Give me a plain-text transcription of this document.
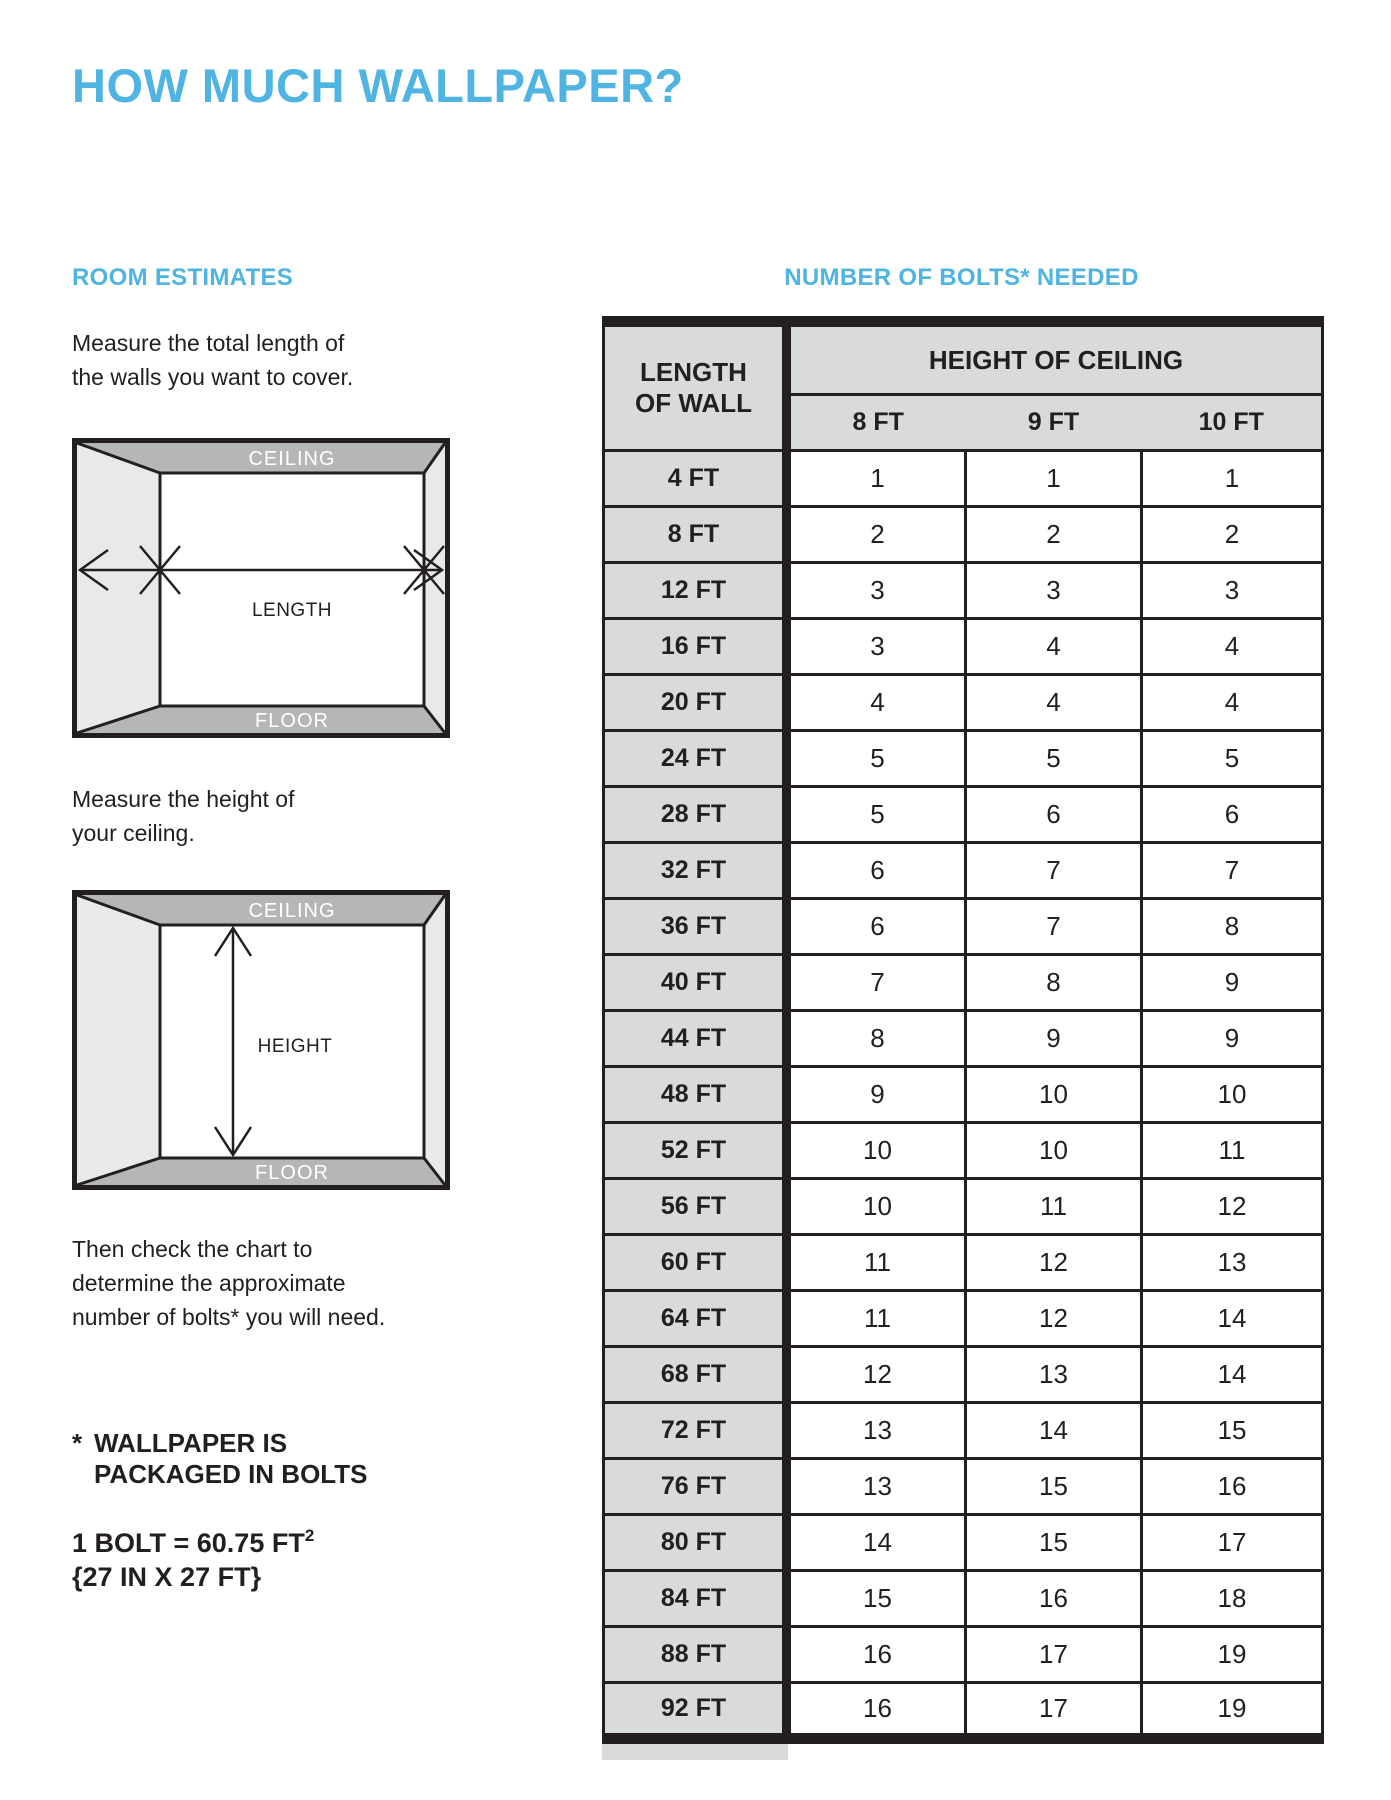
HOW MUCH WALLPAPER?
ROOM ESTIMATES

Measure the total length of
the walls you want to cover.

CEILING
FLOOR
LENGTH

Measure the height of
your ceiling.

CEILING
FLOOR
HEIGHT

Then check the chart to
determine the approximate
number of bolts* you will need.

* WALLPAPER IS
PACKAGED IN BOLTS

1 BOLT = 60.75 $FT^2$

{27 IN X 27 FT}

NUMBER OF BOLTS* NEEDED
LENGTH
OF WALL	HEIGHT OF CEILING		
	8 FT	9 FT	10 FT
4 FT	1	1	1
8 FT	2	2	2
12 FT	3	3	3
16 FT	3	4	4
20 FT	4	4	4
24 FT	5	5	5
28 FT	5	6	6
32 FT	6	7	7
36 FT	6	7	8
40 FT	7	8	9
44 FT	8	9	9
48 FT	9	10	10
52 FT	10	10	11
56 FT	10	11	12
60 FT	11	12	13
64 FT	11	12	14
68 FT	12	13	14
72 FT	13	14	15
76 FT	13	15	16
80 FT	14	15	17
84 FT	15	16	18
88 FT	16	17	19
92 FT	16	17	19
